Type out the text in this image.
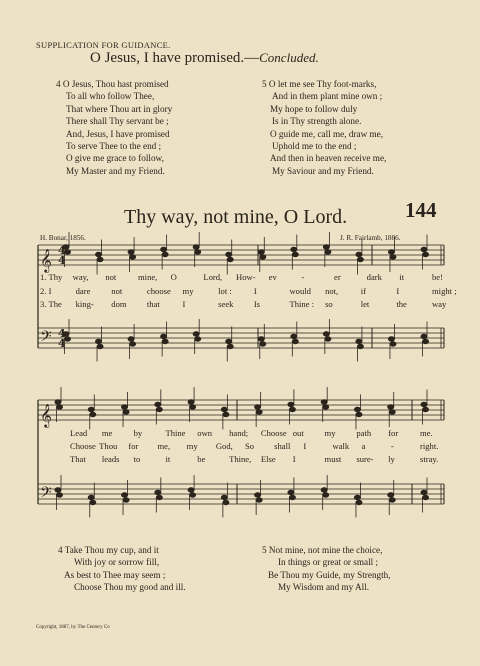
SUPPLICATION FOR GUIDANCE.
O Jesus, I have promised.—Concluded.
4 O Jesus, Thou hast promised
To all who follow Thee,
That where Thou art in glory
There shall Thy servant be ;
And, Jesus, I have promised
To serve Thee to the end ;
O give me grace to follow,
My Master and my Friend.
5 O let me see Thy foot-marks,
And in them plant mine own ;
My hope to follow duly
Is in Thy strength alone.
O guide me, call me, draw me,
Uphold me to the end ;
And then in heaven receive me,
My Saviour and my Friend.
Thy way, not mine, O Lord.	144
H. Bonar, 1856.	J. R. Fairlamb, 1886.
𝄞
𝄢
4
4
4
4
𝄞
𝄢
1. Thy way, not	mine, O	Lord, How- ev	-	er	dark it	be!
2. I	dare not	choose my	lot :	I	would not,	if	I	might ;
3. The king- dom that	I	seek Is	Thine : so	let	the	way
Lead me by	Thine own hand; Choose out my path for	me.
Choose Thou for me, my God, So shall I	walk a	-	right.
That leads to	it	be	Thine, Else I	must sure- ly	stray.
4 Take Thou my cup, and it
With joy or sorrow fill,
As best to Thee may seem ;
Choose Thou my good and ill.
5 Not mine, not mine the choice,
In things or great or small ;
Be Thou my Guide, my Strength,
My Wisdom and my All.
Copyright, 1887, by The Century Co
